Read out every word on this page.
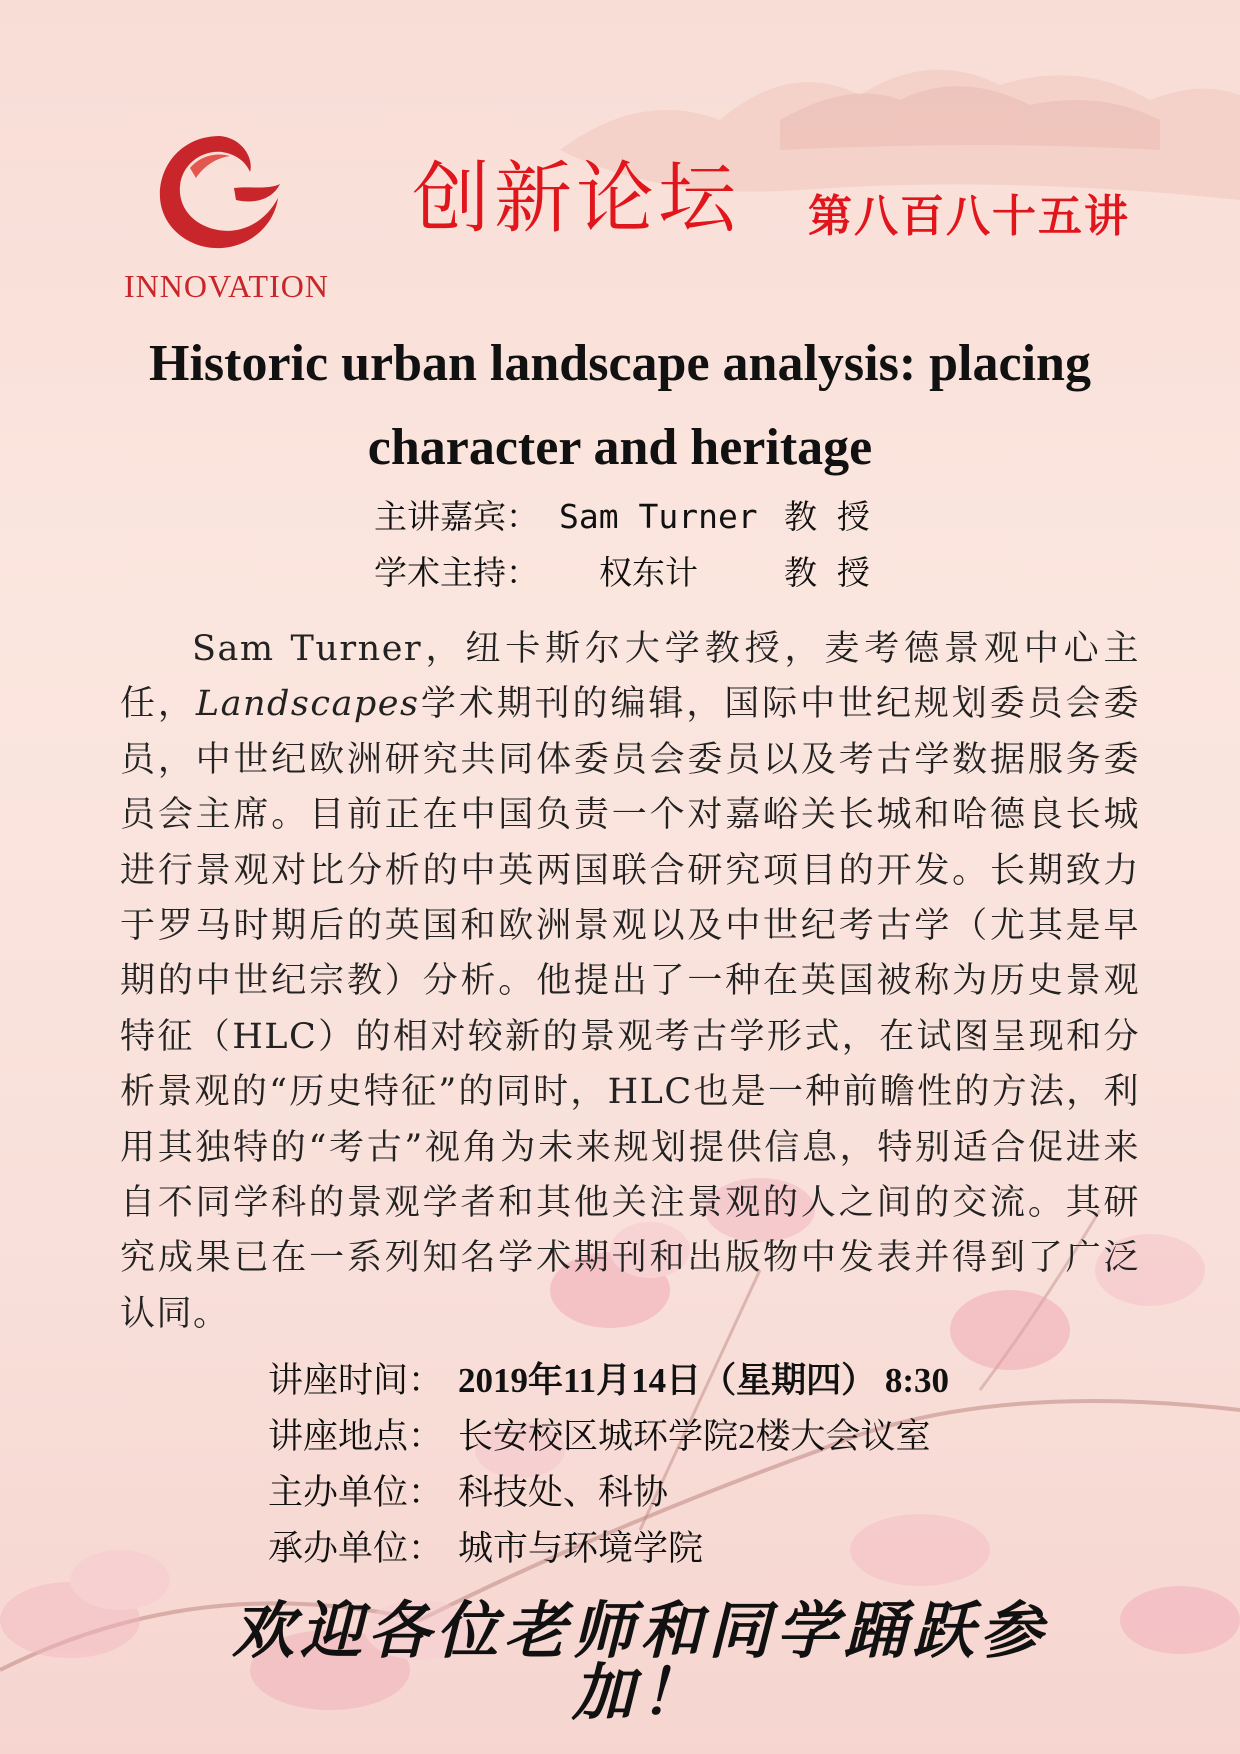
INNOVATION
创新论坛 第八百八十五讲
Historic urban landscape analysis: placing
character and heritage
主讲嘉宾： Sam Turner 教 授
学术主持： 权东计	教 授
Sam Turner，纽卡斯尔大学教授，麦考德景观中心主任，Landscapes学术期刊的编辑，国际中世纪规划委员会委员，中世纪欧洲研究共同体委员会委员以及考古学数据服务委员会主席。目前正在中国负责一个对嘉峪关长城和哈德良长城进行景观对比分析的中英两国联合研究项目的开发。长期致力于罗马时期后的英国和欧洲景观以及中世纪考古学（尤其是早期的中世纪宗教）分析。他提出了一种在英国被称为历史景观特征（HLC）的相对较新的景观考古学形式，在试图呈现和分析景观的“历史特征”的同时，HLC也是一种前瞻性的方法，利用其独特的“考古”视角为未来规划提供信息，特别适合促进来自不同学科的景观学者和其他关注景观的人之间的交流。其研究成果已在一系列知名学术期刊和出版物中发表并得到了广泛认同。
讲座时间： 2019年11月14日（星期四） 8:30
讲座地点： 长安校区城环学院2楼大会议室
主办单位： 科技处、科协
承办单位： 城市与环境学院
欢迎各位老师和同学踊跃参加！
